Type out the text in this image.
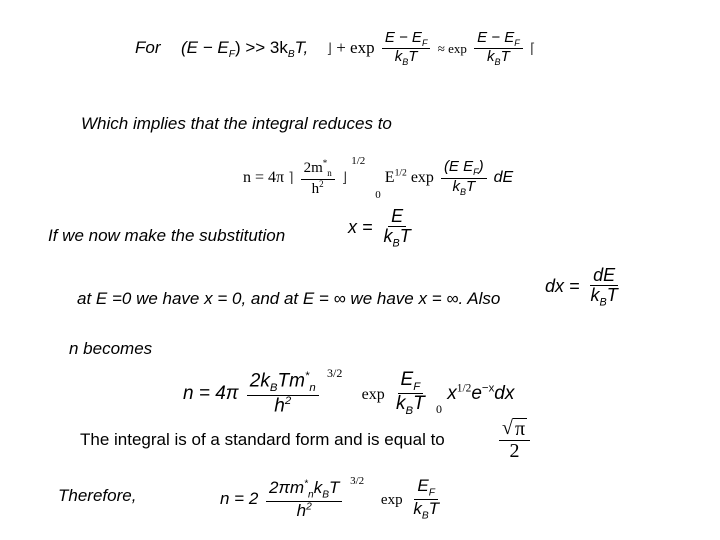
For $(E - E_F) >> 3k_BT$, ⌋ + $\exp \frac{E - E_F}{k_BT} \approx \exp \frac{E - E_F}{k_BT}$ ⌈
Which implies that the integral reduces to
n = 4π ⌉ $\frac{2m^*_n}{h^2}$ ⌋ $^{1/2}$ $_0$ $E^{1/2}$ $\exp \frac{(E E_F)}{k_BT}$ dE
If we now make the substitution	$x = \frac{E}{k_BT}$
at E =0 we have x = 0, and at E = ∞ we have x = ∞. Also
dx = $\frac{dE}{k_BT}$
n becomes
$n = 4\pi \frac{2k_BTm^*_n}{h^2} ^{3/2}$ $\exp \frac{E_F}{k_BT} _0$ $x^{1/2}e^{-x}dx$
The integral is of a standard form and is equal to	$\frac{√ \pi}{2}$
Therefore,	$n = 2 \frac{2\pi m^*_nk_BT}{h^2} ^{3/2}$ $\exp \frac{E_F}{k_BT}$
